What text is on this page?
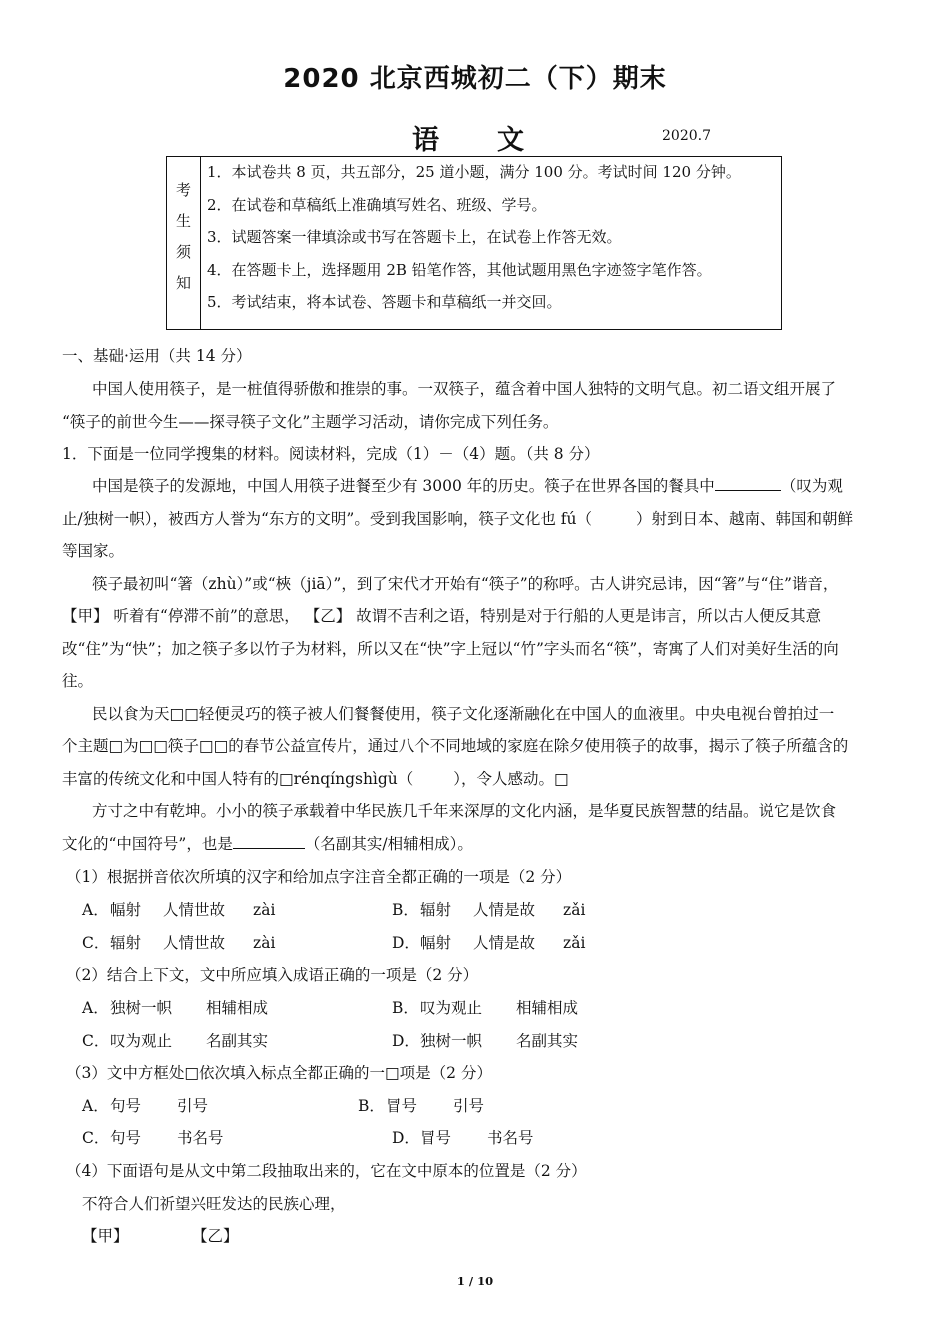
2020 北京西城初二（下）期末
语 文	2020.7
考
生
须
知
1．本试卷共 8 页，共五部分，25 道小题，满分 100 分。考试时间 120 分钟。
2．在试卷和草稿纸上准确填写姓名、班级、学号。
3．试题答案一律填涂或书写在答题卡上，在试卷上作答无效。
4．在答题卡上，选择题用 2B 铅笔作答，其他试题用黑色字迹签字笔作答。
5．考试结束，将本试卷、答题卡和草稿纸一并交回。
一、基础·运用（共 14 分）
中国人使用筷子，是一桩值得骄傲和推崇的事。一双筷子，蕴含着中国人独特的文明气息。初二语文组开展了
“筷子的前世今生——探寻筷子文化”主题学习活动，请你完成下列任务。
1．下面是一位同学搜集的材料。阅读材料，完成（1）－（4）题。（共 8 分）
中国是筷子的发源地，中国人用筷子进餐至少有 3000 年的历史。筷子在世界各国的餐具中	（叹为观
止/独树一帜），被西方人誉为“东方的文明”。受到我国影响，筷子文化也 fú（	）射到日本、越南、韩国和朝鲜
等国家。
筷子最初叫“箸（zhù）”或“梜（jiā）”，到了宋代才开始有“筷子”的称呼。古人讲究忌讳，因“箸”与“住”谐音，
【甲】 听着有“停滞不前”的意思， 【乙】 故谓不吉利之语，特别是对于行船的人更是讳言，所以古人便反其意
改“住”为“快”；加之筷子多以竹子为材料，所以又在“快”字上冠以“竹”字头而名“筷”，寄寓了人们对美好生活的向
往。
民以食为天□□轻便灵巧的筷子被人们餐餐使用，筷子文化逐渐融化在中国人的血液里。中央电视台曾拍过一
个主题□为□□筷子□□的春节公益宣传片，通过八个不同地域的家庭在除夕使用筷子的故事，揭示了筷子所蕴含的
丰富的传统文化和中国人特有的□rénqíngshìgù（	），令人感动。□
方寸之中有乾坤。小小的筷子承载着中华民族几千年来深厚的文化内涵，是华夏民族智慧的结晶。说它是饮食
文化的“中国符号”，也是	（名副其实/相辅相成）。
（1）根据拼音依次所填的汉字和给加点字注音全都正确的一项是（2 分）
A．幅射 人情世故 zài	B．辐射 人情是故 zǎi
C．辐射 人情世故 zài	D．幅射 人情是故 zǎi
（2）结合上下文，文中所应填入成语正确的一项是（2 分）
A．独树一帜 相辅相成	B．叹为观止 相辅相成
C．叹为观止 名副其实	D．独树一帜 名副其实
（3）文中方框处□依次填入标点全都正确的一□项是（2 分）
A．句号 引号	B．冒号 引号
C．句号 书名号	D．冒号 书名号
（4）下面语句是从文中第二段抽取出来的，它在文中原本的位置是（2 分）
不符合人们祈望兴旺发达的民族心理，
【甲】	【乙】
1 / 10
